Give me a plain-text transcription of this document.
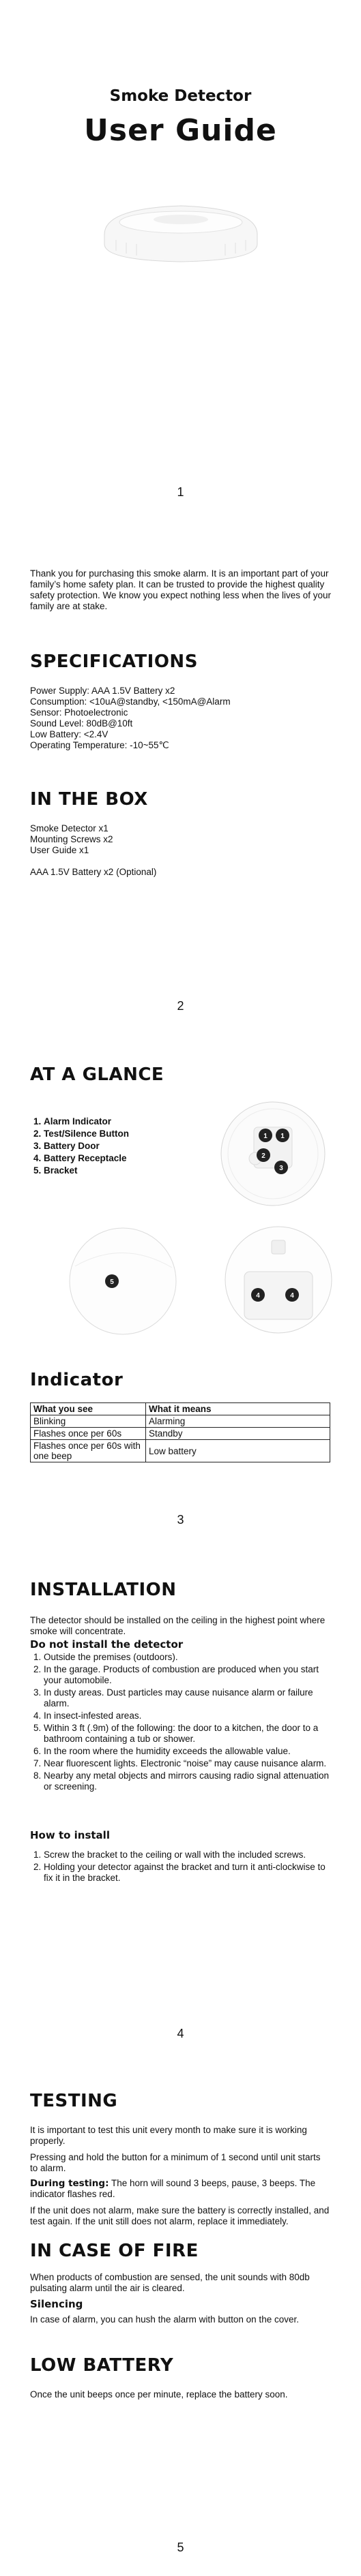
Smoke Detector
User Guide
1
Thank you for purchasing this smoke alarm. It is an important part of your family’s home safety plan. It can be trusted to provide the highest quality safety protection. We know you expect nothing less when the lives of your family are at stake.
SPECIFICATIONS
Power Supply: AAA 1.5V Battery x2
Consumption: <10uA@standby, <150mA@Alarm
Sensor: Photoelectronic
Sound Level: 80dB@10ft
Low Battery: <2.4V
Operating Temperature: -10~55℃
IN THE BOX
Smoke Detector x1
Mounting Screws x2
User Guide x1
AAA 1.5V Battery x2 (Optional)
2
AT A GLANCE
1. Alarm Indicator
2. Test/Silence Button
3. Battery Door
4. Battery Receptacle
5. Bracket
1 1
2
3
5
4	4
Indicator
What you see	What it means
Blinking	Alarming
Flashes once per 60s	Standby
Flashes once per 60s with one beep	Low battery
3
INSTALLATION
The detector should be installed on the ceiling in the highest point where smoke will concentrate.
Do not install the detector
1. Outside the premises (outdoors).
2. In the garage. Products of combustion are produced when you start your automobile.
3. In dusty areas. Dust particles may cause nuisance alarm or failure alarm.
4. In insect-infested areas.
5. Within 3 ft (.9m) of the following: the door to a kitchen, the door to a bathroom containing a tub or shower.
6. In the room where the humidity exceeds the allowable value.
7. Near fluorescent lights. Electronic “noise” may cause nuisance alarm.
8. Nearby any metal objects and mirrors causing radio signal attenuation or screening.
How to install
1. Screw the bracket to the ceiling or wall with the included screws.
2. Holding your detector against the bracket and turn it anti-clockwise to fix it in the bracket.
4
TESTING
It is important to test this unit every month to make sure it is working properly.
Pressing and hold the button for a minimum of 1 second until unit starts to alarm.
During testing: The horn will sound 3 beeps, pause, 3 beeps. The indicator flashes red.
If the unit does not alarm, make sure the battery is correctly installed, and test again. If the unit still does not alarm, replace it immediately.
IN CASE OF FIRE
When products of combustion are sensed, the unit sounds with 80db pulsating alarm until the air is cleared.
Silencing
In case of alarm, you can hush the alarm with button on the cover.
LOW BATTERY
Once the unit beeps once per minute, replace the battery soon.
5
